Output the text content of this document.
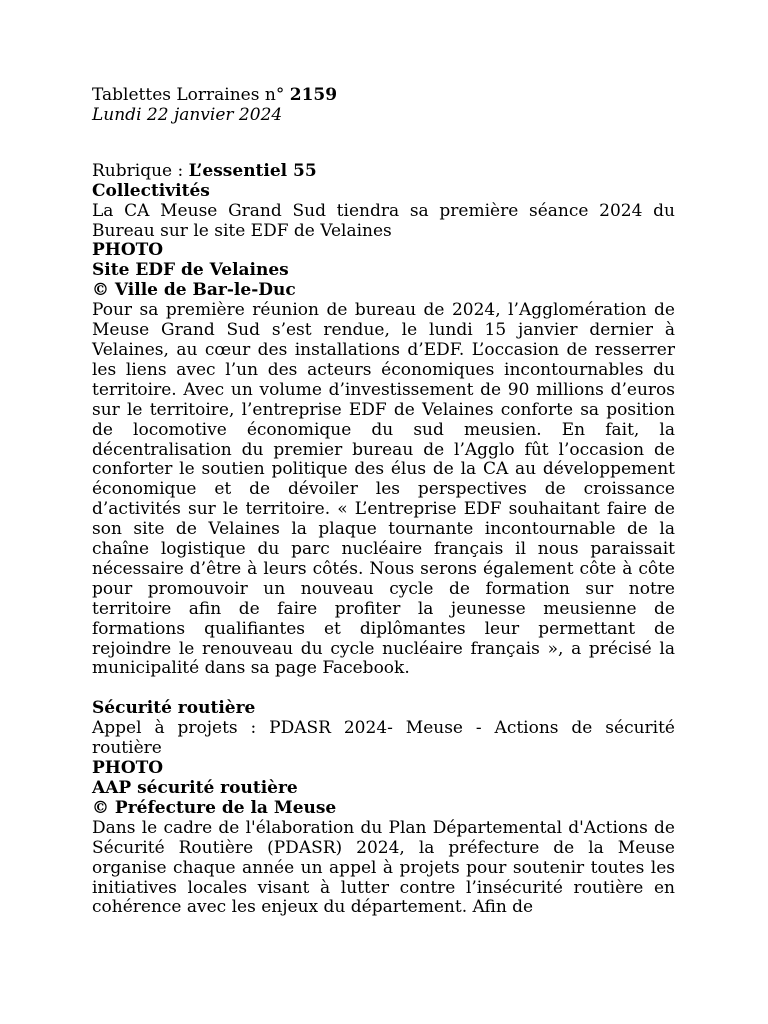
Tablettes Lorraines n° 2159
Lundi 22 janvier 2024
Rubrique : L’essentiel 55
Collectivités
La CA Meuse Grand Sud tiendra sa première séance 2024 du Bureau sur le site EDF de Velaines
PHOTO
Site EDF de Velaines
© Ville de Bar-le-Duc
Pour sa première réunion de bureau de 2024, l’Agglomération de Meuse Grand Sud s’est rendue, le lundi 15 janvier dernier à Velaines, au cœur des installations d’EDF. L’occasion de resserrer les liens avec l’un des acteurs économiques incontournables du territoire. Avec un volume d’investissement de 90 millions d’euros sur le territoire, l’entreprise EDF de Velaines conforte sa position de locomotive économique du sud meusien. En fait, la décentralisation du premier bureau de l’Agglo fût l’occasion de conforter le soutien politique des élus de la CA au développement économique et de dévoiler les perspectives de croissance d’activités sur le territoire. « L’entreprise EDF souhaitant faire de son site de Velaines la plaque tournante incontournable de la chaîne logistique du parc nucléaire français il nous paraissait nécessaire d’être à leurs côtés. Nous serons également côte à côte pour promouvoir un nouveau cycle de formation sur notre territoire afin de faire profiter la jeunesse meusienne de formations qualifiantes et diplômantes leur permettant de rejoindre le renouveau du cycle nucléaire français », a précisé la municipalité dans sa page Facebook.
Sécurité routière
Appel à projets : PDASR 2024- Meuse - Actions de sécurité routière
PHOTO
AAP sécurité routière
© Préfecture de la Meuse
Dans le cadre de l'élaboration du Plan Départemental d'Actions de Sécurité Routière (PDASR) 2024, la préfecture de la Meuse organise chaque année un appel à projets pour soutenir toutes les initiatives locales visant à lutter contre l’insécurité routière en cohérence avec les enjeux du département. Afin de
